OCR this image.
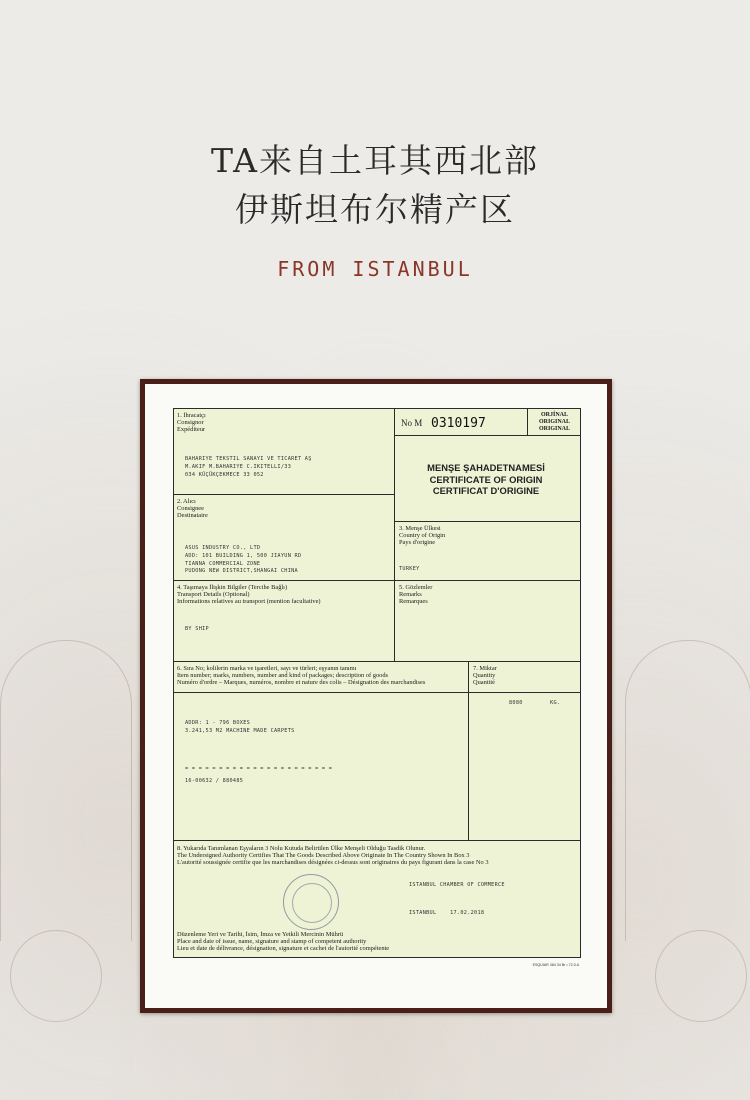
TA来自土耳其西北部
伊斯坦布尔精产区
FROM ISTANBUL
1. İhracatçı
Consignor
Expéditeur
BAHARIYE TEKSTIL SANAYI VE TICARET AŞ
M.AKIF M.BAHARIYE C.IKITELLI/33
034 KÜÇÜKÇEKMECE 33 052
No M 0310197
ORJİNAL
ORIGINAL
ORIGINAL
MENŞE ŞAHADETNAMESİ
CERTIFICATE OF ORIGIN
CERTIFICAT D'ORIGINE
2. Alıcı
Consignee
Destinataire
ASUS INDUSTRY CO., LTD
ADD: 101 BUILDING 1, 500 JIAYUN RD
TIANNA COMMERCIAL ZONE
PUDONG NEW DISTRICT,SHANGAI CHINA
3. Menşe Ülkesi
Country of Origin
Pays d'origine
TURKEY
4. Taşımaya İlişkin Bilgiler (Tercihe Bağlı)
Transport Details (Optional)
Informations relatives au transport (mention facultative)
BY SHIP
5. Gözlemler
Remarks
Remarques
6. Sıra No; kolilerin marka ve işaretleri, sayı ve türleri; eşyanın tanımı
Item number; marks, numbers, number and kind of packages; description of goods
Numéro d'ordre – Marques, numéros, nombre et nature des colis – Désignation des marchandises
ADDR: 1 - 796 BOXES
3.241,53 M2 MACHINE MADE CARPETS
= = = = = = = = = = = = = = = = = = = = = =
16-00632 / 880485
7. Miktar
Quantity
Quantité
8080        KG.
8. Yukarıda Tanımlanan Eşyaların 3 Nolu Kutuda Belirtilen Ülke Menşeli Olduğu Tasdik Olunur.
The Undersigned Authority Certifies That The Goods Described Above Originate In The Country Shown In Box 3
L'autorité soussignée certifie que les marchandises désignées ci-dessus sont originaires du pays figurant dans la case No 3
ISTANBUL CHAMBER OF COMMERCE
ISTANBUL    17.02.2018
Düzenleme Yeri ve Tarihi, İsim, İmza ve Yetkili Mercinin Mührü
Place and date of issue, name, signature and stamp of competent authority
Lieu et date de délivrance, désignation, signature et cachet de l'autorité compétente
ESQUIAR 384 34 Br • 72-0-6
